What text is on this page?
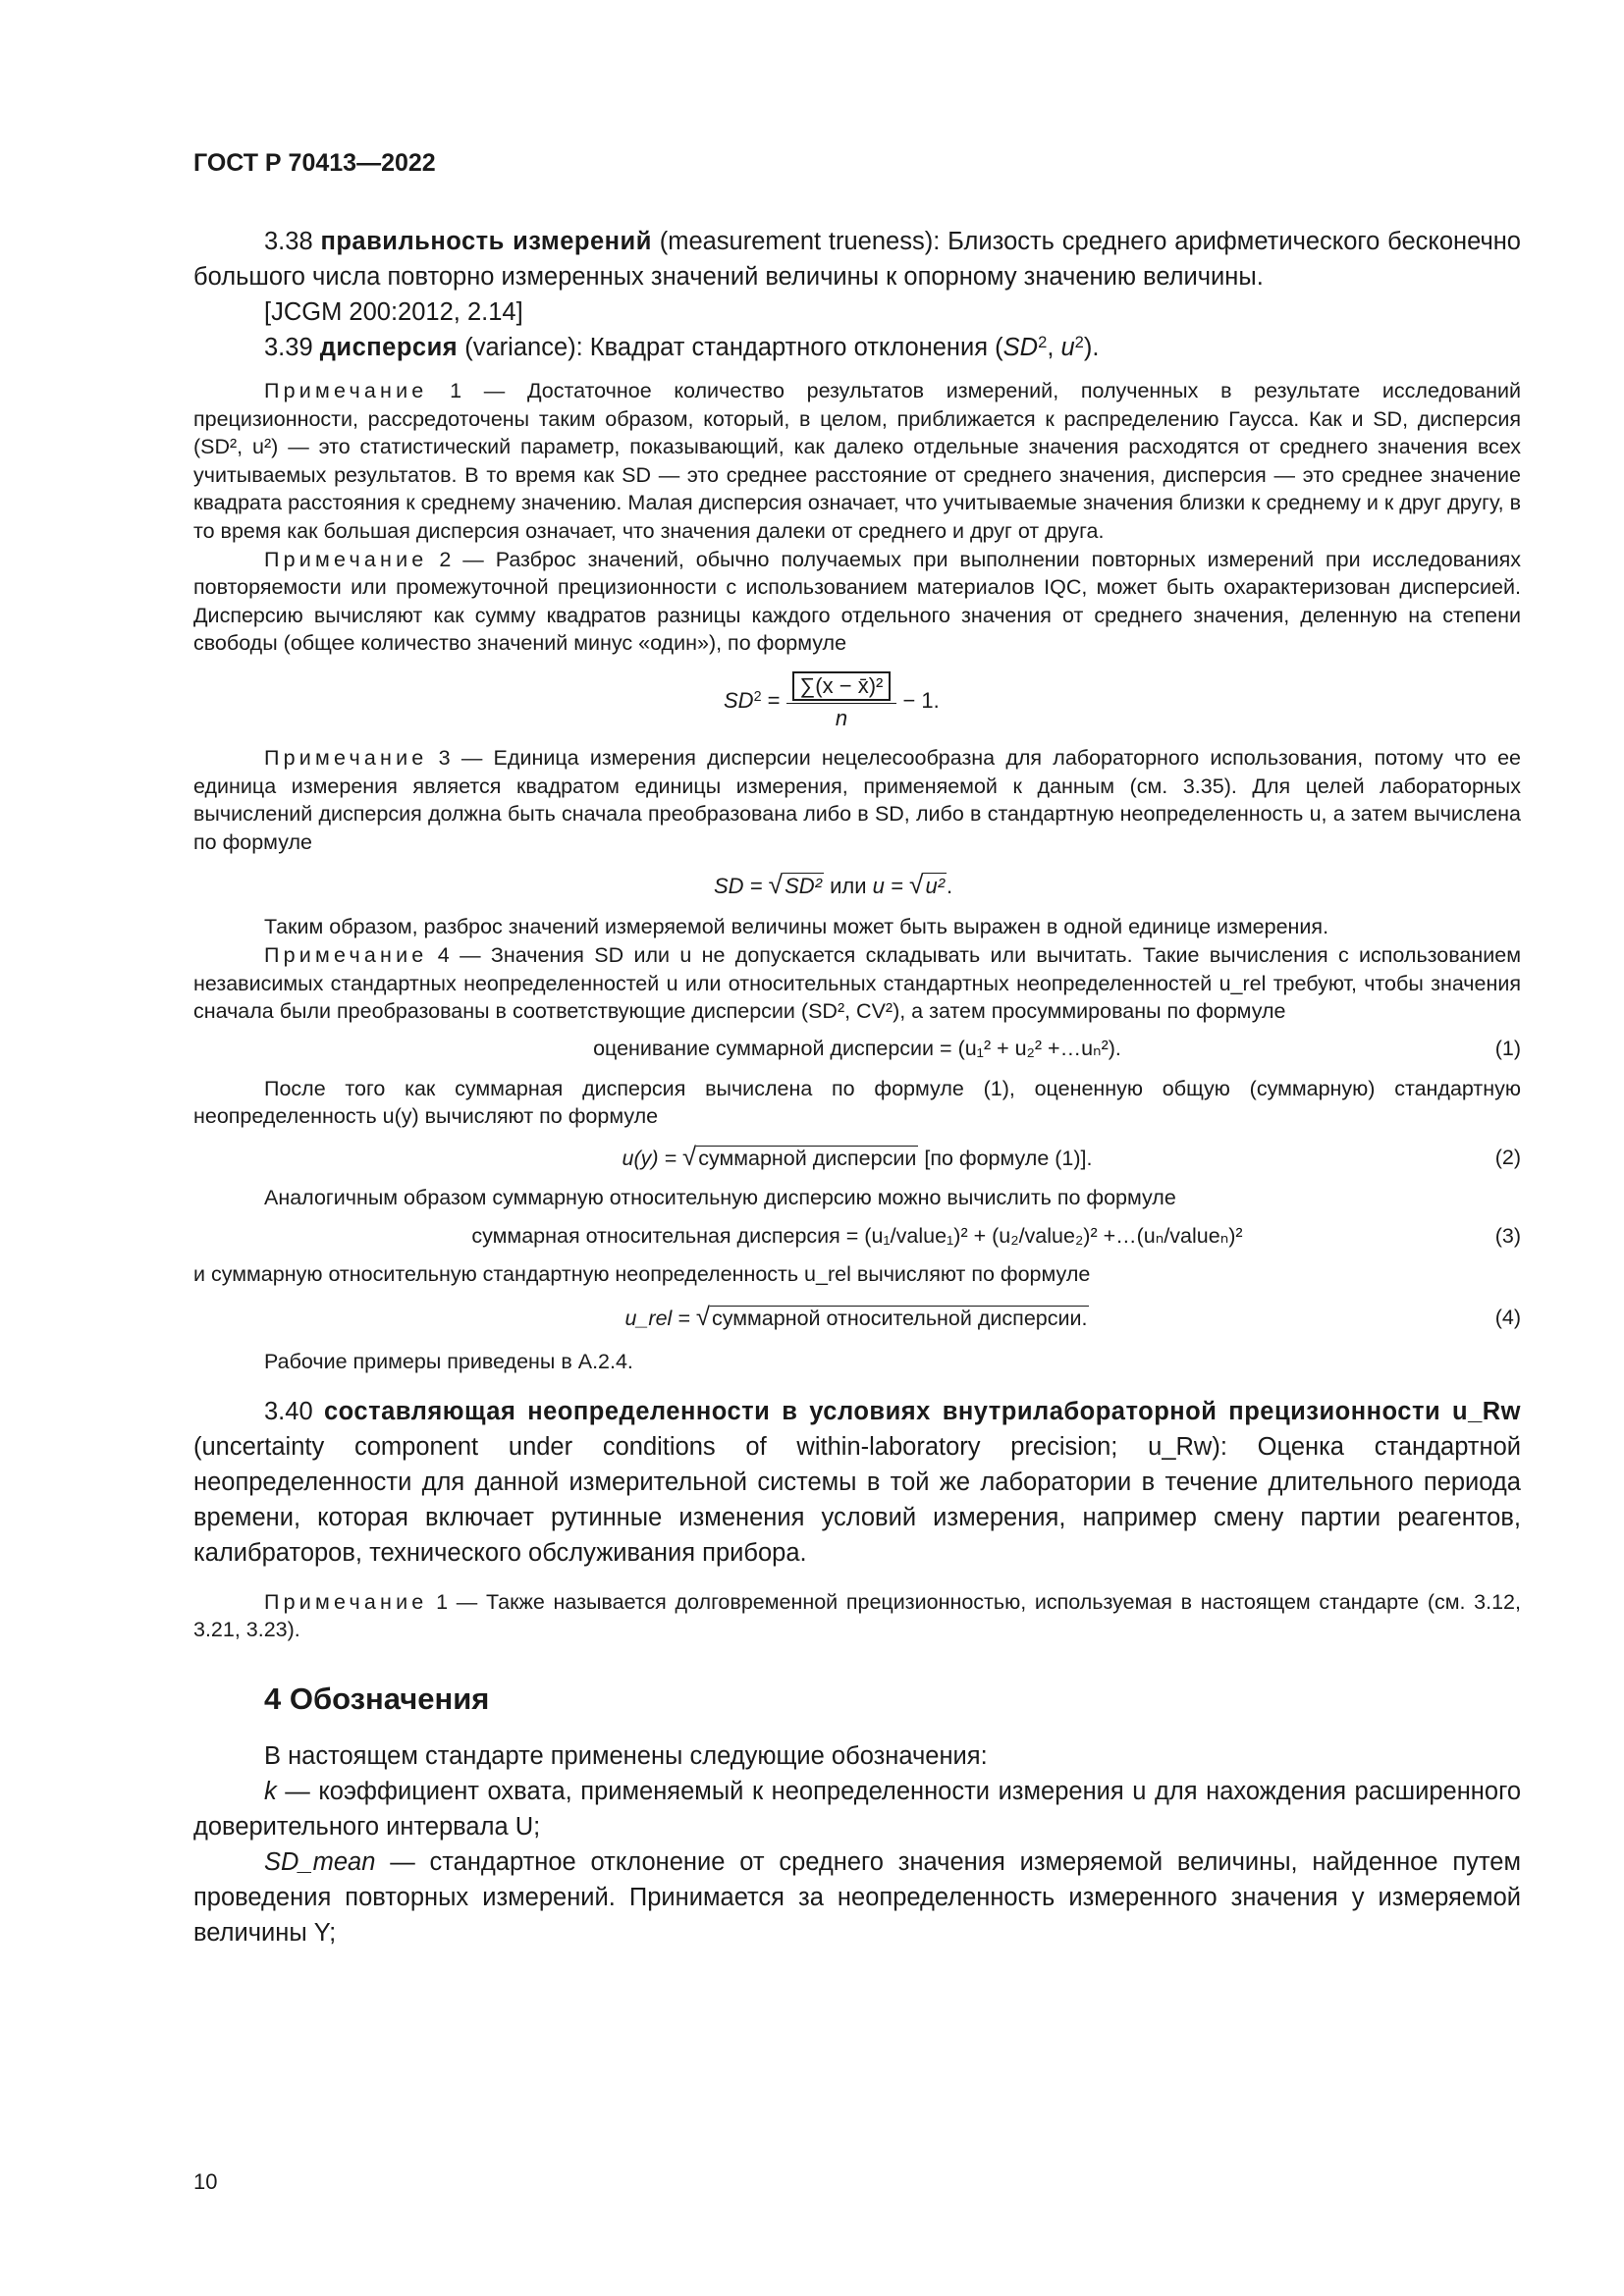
ГОСТ Р 70413—2022

3.38 правильность измерений (measurement trueness): Близость среднего арифметического бесконечно большого числа повторно измеренных значений величины к опорному значению величины.

[JCGM 200:2012, 2.14]

3.39 дисперсия (variance): Квадрат стандартного отклонения ($SD^2$, $u^2$).

Примечание 1 — Достаточное количество результатов измерений, полученных в результате исследований прецизионности, рассредоточены таким образом, который, в целом, приближается к распределению Гаусса. Как и SD, дисперсия (SD², u²) — это статистический параметр, показывающий, как далеко отдельные значения расходятся от среднего значения всех учитываемых результатов. В то время как SD — это среднее расстояние от среднего значения, дисперсия — это среднее значение квадрата расстояния к среднему значению. Малая дисперсия означает, что учитываемые значения близки к среднему и к друг другу, в то время как большая дисперсия означает, что значения далеки от среднего и друг от друга.

Примечание 2 — Разброс значений, обычно получаемых при выполнении повторных измерений при исследованиях повторяемости или промежуточной прецизионности с использованием материалов IQC, может быть охарактеризован дисперсией. Дисперсию вычисляют как сумму квадратов разницы каждого отдельного значения от среднего значения, деленную на степени свободы (общее количество значений минус «один»), по формуле

$SD^2 = \frac{\text{∑(x − x̄)²}}{n} - 1$.

Примечание 3 — Единица измерения дисперсии нецелесообразна для лабораторного использования, потому что ее единица измерения является квадратом единицы измерения, применяемой к данным (см. 3.35). Для целей лабораторных вычислений дисперсия должна быть сначала преобразована либо в SD, либо в стандартную неопределенность u, а затем вычислена по формуле

SD = √SD² или u = √u².

Таким образом, разброс значений измеряемой величины может быть выражен в одной единице измерения.

Примечание 4 — Значения SD или u не допускается складывать или вычитать. Такие вычисления с использованием независимых стандартных неопределенностей u или относительных стандартных неопределенностей u_rel требуют, чтобы значения сначала были преобразованы в соответствующие дисперсии (SD², CV²), а затем просуммированы по формуле

оценивание суммарной дисперсии = (u₁² + u₂² +…uₙ²).	(1)

После того как суммарная дисперсия вычислена по формуле (1), оцененную общую (суммарную) стандартную неопределенность u(y) вычисляют по формуле

u(y) = √суммарной дисперсии [по формуле (1)].	(2)

Аналогичным образом суммарную относительную дисперсию можно вычислить по формуле

суммарная относительная дисперсия = (u₁/value₁)² + (u₂/value₂)² +…(uₙ/valueₙ)²	(3)

и суммарную относительную стандартную неопределенность u_rel вычисляют по формуле

u_rel = √суммарной относительной дисперсии.	(4)

Рабочие примеры приведены в А.2.4.

3.40 составляющая неопределенности в условиях внутрилабораторной прецизионности u_Rw (uncertainty component under conditions of within-laboratory precision; u_Rw): Оценка стандартной неопределенности для данной измерительной системы в той же лаборатории в течение длительного периода времени, которая включает рутинные изменения условий измерения, например смену партии реагентов, калибраторов, технического обслуживания прибора.

Примечание 1 — Также называется долговременной прецизионностью, используемая в настоящем стандарте (см. 3.12, 3.21, 3.23).

4 Обозначения

В настоящем стандарте применены следующие обозначения:

k — коэффициент охвата, применяемый к неопределенности измерения u для нахождения расширенного доверительного интервала U;

SD_mean — стандартное отклонение от среднего значения измеряемой величины, найденное путем проведения повторных измерений. Принимается за неопределенность измеренного значения y измеряемой величины Y;

10
